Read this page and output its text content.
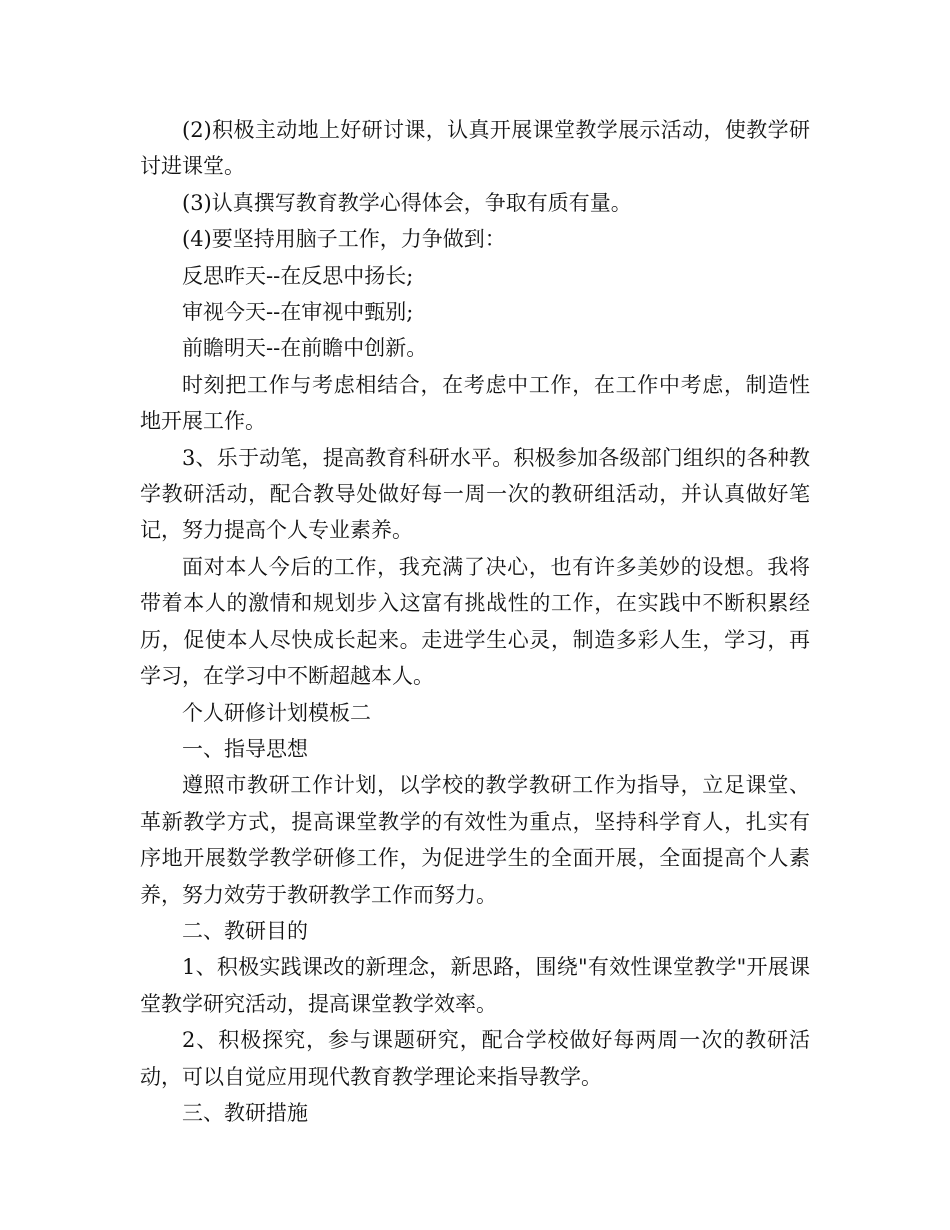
(2)积极主动地上好研讨课，认真开展课堂教学展示活动，使教学研讨进课堂。

(3)认真撰写教育教学心得体会，争取有质有量。

(4)要坚持用脑子工作，力争做到：

反思昨天--在反思中扬长;

审视今天--在审视中甄别;

前瞻明天--在前瞻中创新。

时刻把工作与考虑相结合，在考虑中工作，在工作中考虑，制造性地开展工作。

3、乐于动笔，提高教育科研水平。积极参加各级部门组织的各种教学教研活动，配合教导处做好每一周一次的教研组活动，并认真做好笔记，努力提高个人专业素养。

面对本人今后的工作，我充满了决心，也有许多美妙的设想。我将带着本人的激情和规划步入这富有挑战性的工作，在实践中不断积累经历，促使本人尽快成长起来。走进学生心灵，制造多彩人生，学习，再学习，在学习中不断超越本人。

个人研修计划模板二

一、指导思想

遵照市教研工作计划，以学校的教学教研工作为指导，立足课堂、革新教学方式，提高课堂教学的有效性为重点，坚持科学育人，扎实有序地开展数学教学研修工作，为促进学生的全面开展，全面提高个人素养，努力效劳于教研教学工作而努力。

二、教研目的

1、积极实践课改的新理念，新思路，围绕"有效性课堂教学"开展课堂教学研究活动，提高课堂教学效率。

2、积极探究，参与课题研究，配合学校做好每两周一次的教研活动，可以自觉应用现代教育教学理论来指导教学。

三、教研措施
